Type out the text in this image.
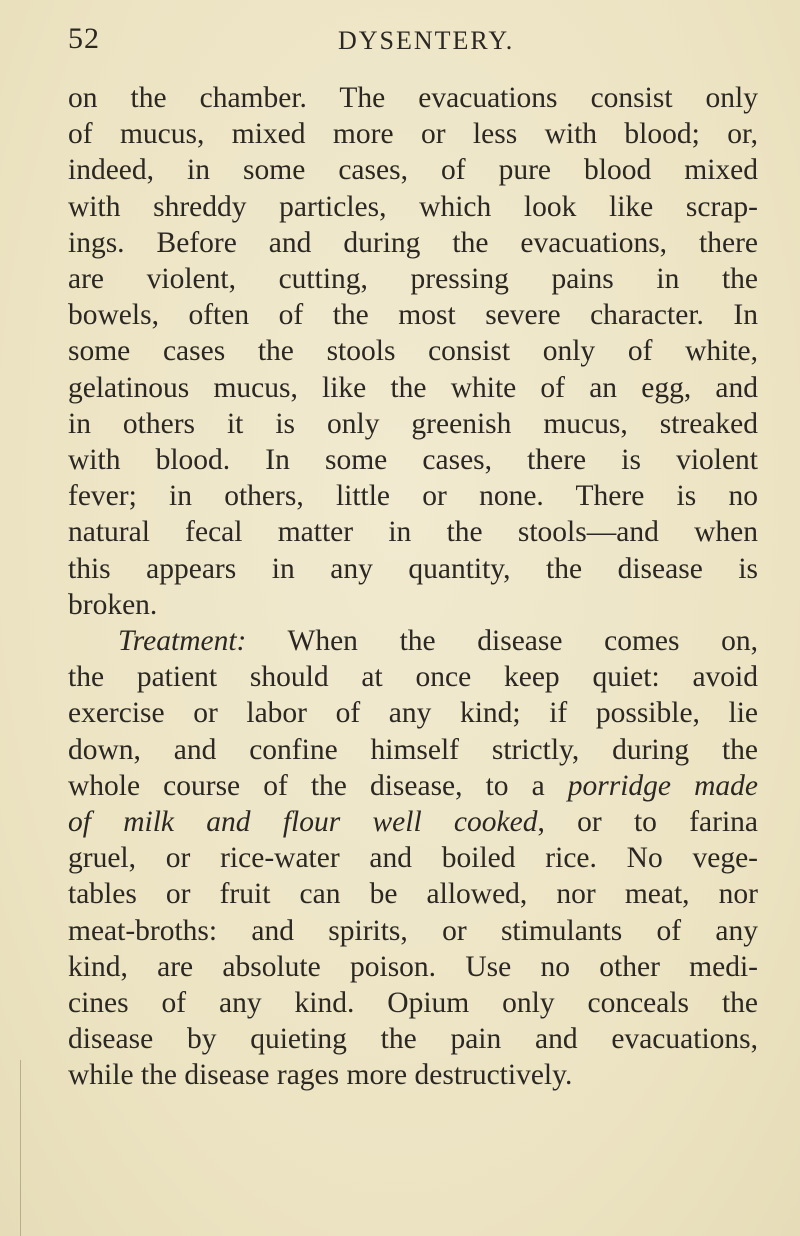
52	DYSENTERY.
on the chamber. The evacuations consist only
of mucus, mixed more or less with blood; or,
indeed, in some cases, of pure blood mixed
with shreddy particles, which look like scrap-
ings. Before and during the evacuations, there
are violent, cutting, pressing pains in the
bowels, often of the most severe character. In
some cases the stools consist only of white,
gelatinous mucus, like the white of an egg, and
in others it is only greenish mucus, streaked
with blood. In some cases, there is violent
fever; in others, little or none. There is no
natural fecal matter in the stools—and when
this appears in any quantity, the disease is
broken.
Treatment: When the disease comes on,
the patient should at once keep quiet: avoid
exercise or labor of any kind; if possible, lie
down, and confine himself strictly, during the
whole course of the disease, to a porridge made
of milk and flour well cooked, or to farina
gruel, or rice-water and boiled rice. No vege-
tables or fruit can be allowed, nor meat, nor
meat-broths: and spirits, or stimulants of any
kind, are absolute poison. Use no other medi-
cines of any kind. Opium only conceals the
disease by quieting the pain and evacuations,
while the disease rages more destructively.
